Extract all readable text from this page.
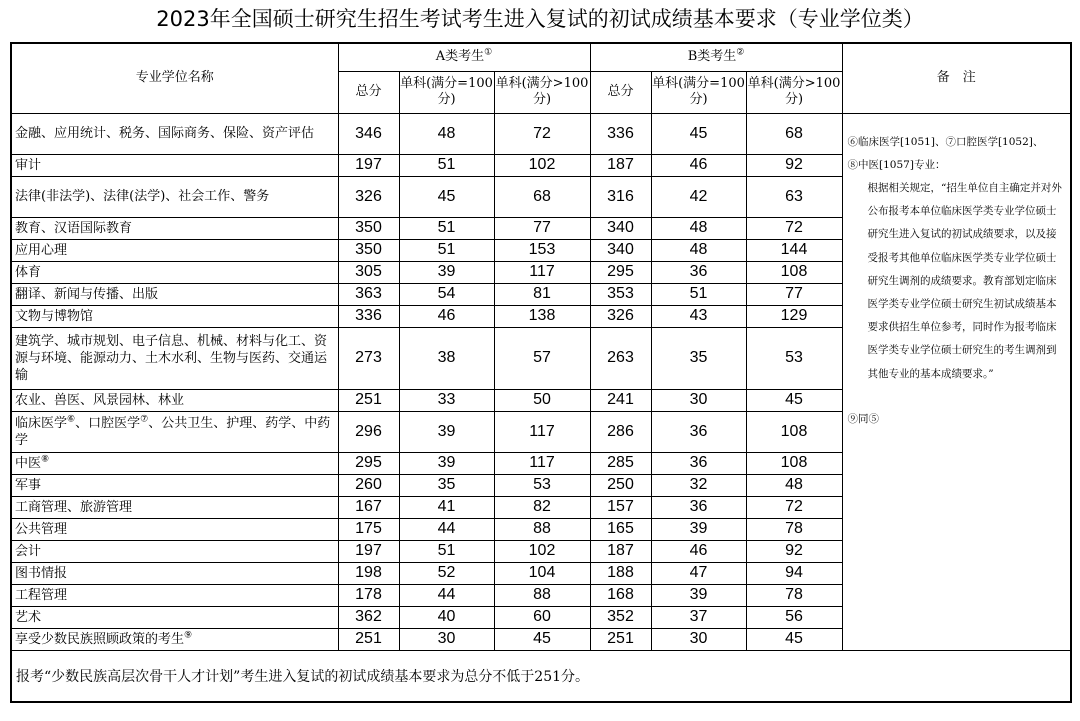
2023年全国硕士研究生招生考试考生进入复试的初试成绩基本要求（专业学位类）
专业学位名称	A类考生①			B类考生②			备　注
	总分	单科(满分=100分)	单科(满分>100分)	总分	单科(满分=100分)	单科(满分>100分)	
金融、应用统计、税务、国际商务、保险、资产评估	346	48	72	336	45	68	⑥临床医学[1051]、⑦口腔医学[1052]、
⑧中医[1057]专业：
根据相关规定，“招生单位自主确定并对外公布报考本单位临床医学类专业学位硕士研究生进入复试的初试成绩要求，以及接受报考其他单位临床医学类专业学位硕士研究生调剂的成绩要求。教育部划定临床医学类专业学位硕士研究生初试成绩基本要求供招生单位参考，同时作为报考临床医学类专业学位硕士研究生的考生调剂到其他专业的基本成绩要求。”
⑨同⑤

审计	197	51	102	187	46	92	
法律(非法学)、法律(法学)、社会工作、警务	326	45	68	316	42	63	
教育、汉语国际教育	350	51	77	340	48	72	
应用心理	350	51	153	340	48	144	
体育	305	39	117	295	36	108	
翻译、新闻与传播、出版	363	54	81	353	51	77	
文物与博物馆	336	46	138	326	43	129	
建筑学、城市规划、电子信息、机械、材料与化工、资源与环境、能源动力、土木水利、生物与医药、交通运输	273	38	57	263	35	53	
农业、兽医、风景园林、林业	251	33	50	241	30	45	
临床医学⑥、口腔医学⑦、公共卫生、护理、药学、中药学	296	39	117	286	36	108	
中医⑧	295	39	117	285	36	108	
军事	260	35	53	250	32	48	
工商管理、旅游管理	167	41	82	157	36	72	
公共管理	175	44	88	165	39	78	
会计	197	51	102	187	46	92	
图书情报	198	52	104	188	47	94	
工程管理	178	44	88	168	39	78	
艺术	362	40	60	352	37	56	
享受少数民族照顾政策的考生⑨	251	30	45	251	30	45	
报考“少数民族高层次骨干人才计划”考生进入复试的初试成绩基本要求为总分不低于251分。							
